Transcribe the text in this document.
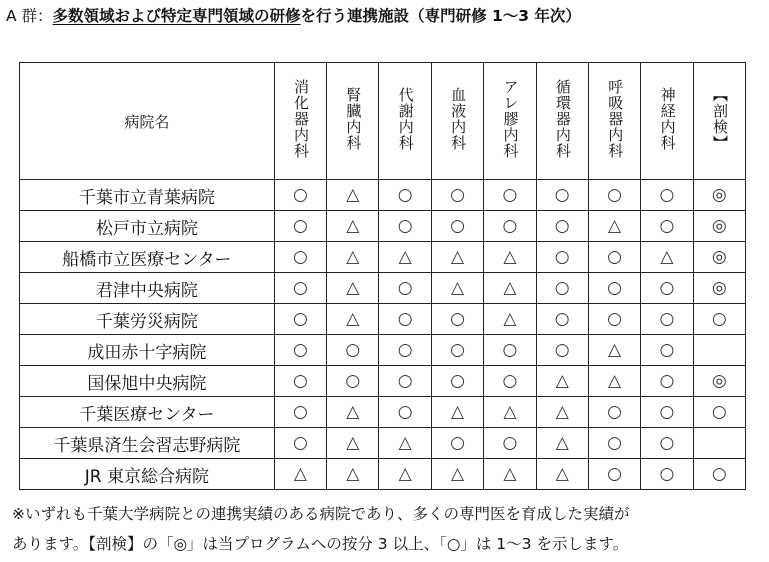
A 群：多数領域および特定専門領域の研修を行う連携施設（専門研修 1～3 年次）
病院名	消化器内科	腎臓内科	代謝内科	血液内科	アレ膠内科	循環器内科	呼吸器内科	神経内科	【剖検】
千葉市立青葉病院	○	△	○	○	○	○	○	○	◎
松戸市立病院	○	△	○	○	○	○	△	○	◎
船橋市立医療センター	○	△	△	△	△	○	○	△	◎
君津中央病院	○	△	○	△	△	○	○	○	◎
千葉労災病院	○	△	○	○	△	○	○	○	○
成田赤十字病院	○	○	○	○	○	○	△	○	
国保旭中央病院	○	○	○	○	○	△	△	○	◎
千葉医療センター	○	△	○	△	△	△	○	○	○
千葉県済生会習志野病院	○	△	△	○	○	△	○	○	
JR 東京総合病院	△	△	△	△	△	△	○	○	○
※いずれも千葉大学病院との連携実績のある病院であり、多くの専門医を育成した実績が
あります。【剖検】の「◎」は当プログラムへの按分 3 以上、「○」は 1～3 を示します。
